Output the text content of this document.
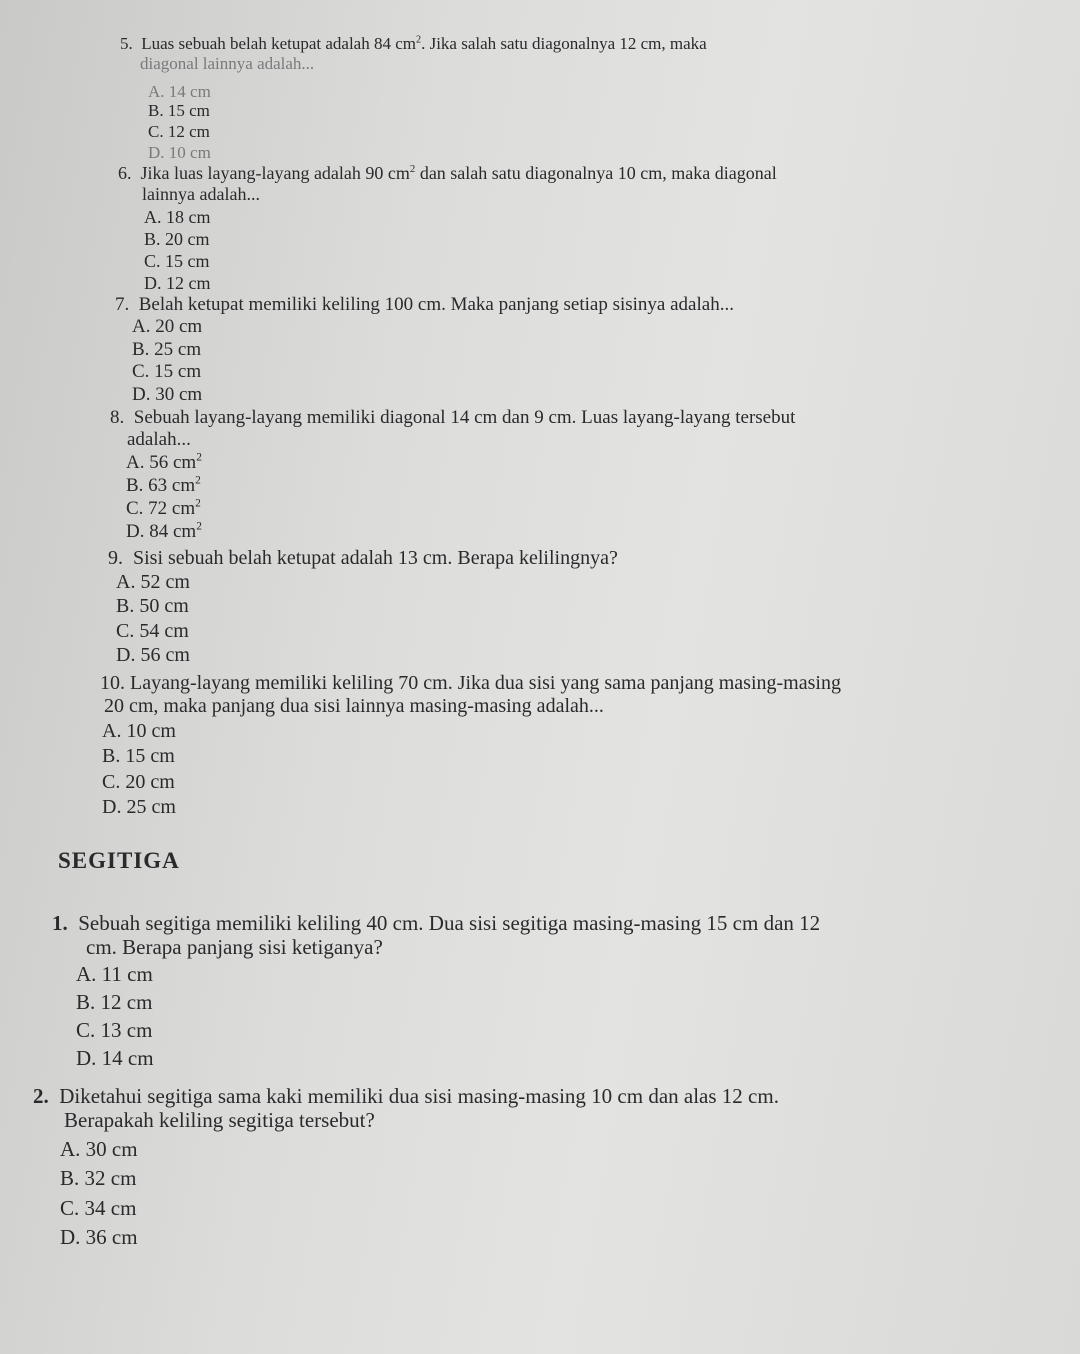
5. Luas sebuah belah ketupat adalah 84 $cm^2$. Jika salah satu diagonalnya 12 cm, maka
diagonal lainnya adalah...
A. 14 cm
B. 15 cm
C. 12 cm
D. 10 cm
6. Jika luas layang-layang adalah 90 $cm^2$ dan salah satu diagonalnya 10 cm, maka diagonal
lainnya adalah...
A. 18 cm
B. 20 cm
C. 15 cm
D. 12 cm
7. Belah ketupat memiliki keliling 100 cm. Maka panjang setiap sisinya adalah...
A. 20 cm
B. 25 cm
C. 15 cm
D. 30 cm
8. Sebuah layang-layang memiliki diagonal 14 cm dan 9 cm. Luas layang-layang tersebut
adalah...
A. 56 $cm^2$
B. 63 $cm^2$
C. 72 $cm^2$
D. 84 $cm^2$
9. Sisi sebuah belah ketupat adalah 13 cm. Berapa kelilingnya?
A. 52 cm
B. 50 cm
C. 54 cm
D. 56 cm
10. Layang-layang memiliki keliling 70 cm. Jika dua sisi yang sama panjang masing-masing
20 cm, maka panjang dua sisi lainnya masing-masing adalah...
A. 10 cm
B. 15 cm
C. 20 cm
D. 25 cm
SEGITIGA
1. Sebuah segitiga memiliki keliling 40 cm. Dua sisi segitiga masing-masing 15 cm dan 12
cm. Berapa panjang sisi ketiganya?
A. 11 cm
B. 12 cm
C. 13 cm
D. 14 cm
2. Diketahui segitiga sama kaki memiliki dua sisi masing-masing 10 cm dan alas 12 cm.
Berapakah keliling segitiga tersebut?
A. 30 cm
B. 32 cm
C. 34 cm
D. 36 cm
